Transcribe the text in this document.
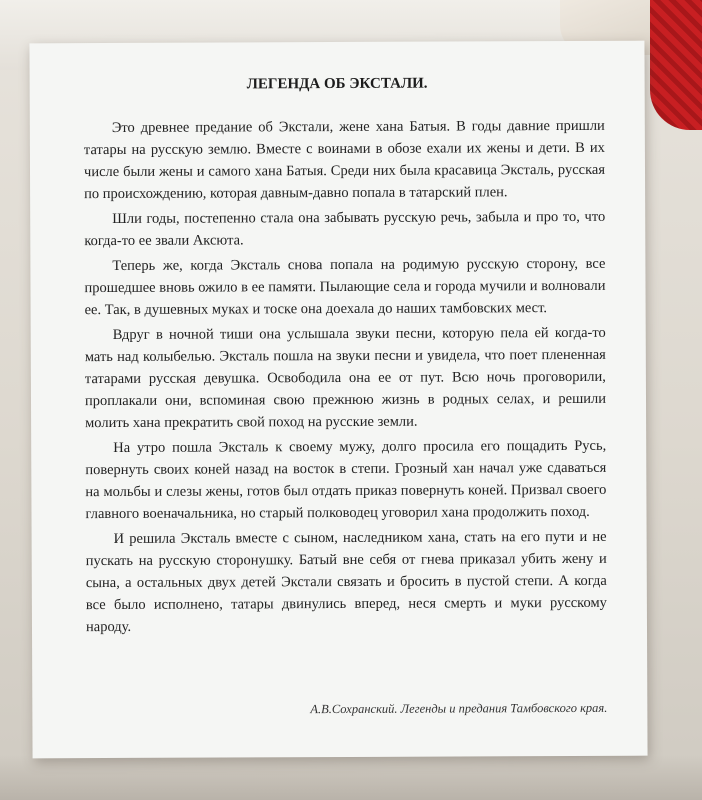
ЛЕГЕНДА ОБ ЭКСТАЛИ.

Это древнее предание об Экстали, жене хана Батыя. В годы давние пришли татары на русскую землю. Вместе с воинами в обозе ехали их жены и дети. В их числе были жены и самого хана Батыя. Среди них была красавица Эксталь, русская по происхождению, которая давным-давно попала в татарский плен.

Шли годы, постепенно стала она забывать русскую речь, забыла и про то, что когда-то ее звали Аксюта.

Теперь же, когда Эксталь снова попала на родимую русскую сторону, все прошедшее вновь ожило в ее памяти. Пылающие села и города мучили и волновали ее. Так, в душевных муках и тоске она доехала до наших тамбовских мест.

Вдруг в ночной тиши она услышала звуки песни, которую пела ей когда-то мать над колыбелью. Эксталь пошла на звуки песни и увидела, что поет плененная татарами русская девушка. Освободила она ее от пут. Всю ночь проговорили, проплакали они, вспоминая свою прежнюю жизнь в родных селах, и решили молить хана прекратить свой поход на русские земли.

На утро пошла Эксталь к своему мужу, долго просила его пощадить Русь, повернуть своих коней назад на восток в степи. Грозный хан начал уже сдаваться на мольбы и слезы жены, готов был отдать приказ повернуть коней. Призвал своего главного военачальника, но старый полководец уговорил хана продолжить поход.

И решила Эксталь вместе с сыном, наследником хана, стать на его пути и не пускать на русскую сторонушку. Батый вне себя от гнева приказал убить жену и сына, а остальных двух детей Экстали связать и бросить в пустой степи. А когда все было исполнено, татары двинулись вперед, неся смерть и муки русскому народу.

А.В.Сохранский. Легенды и предания Тамбовского края.
